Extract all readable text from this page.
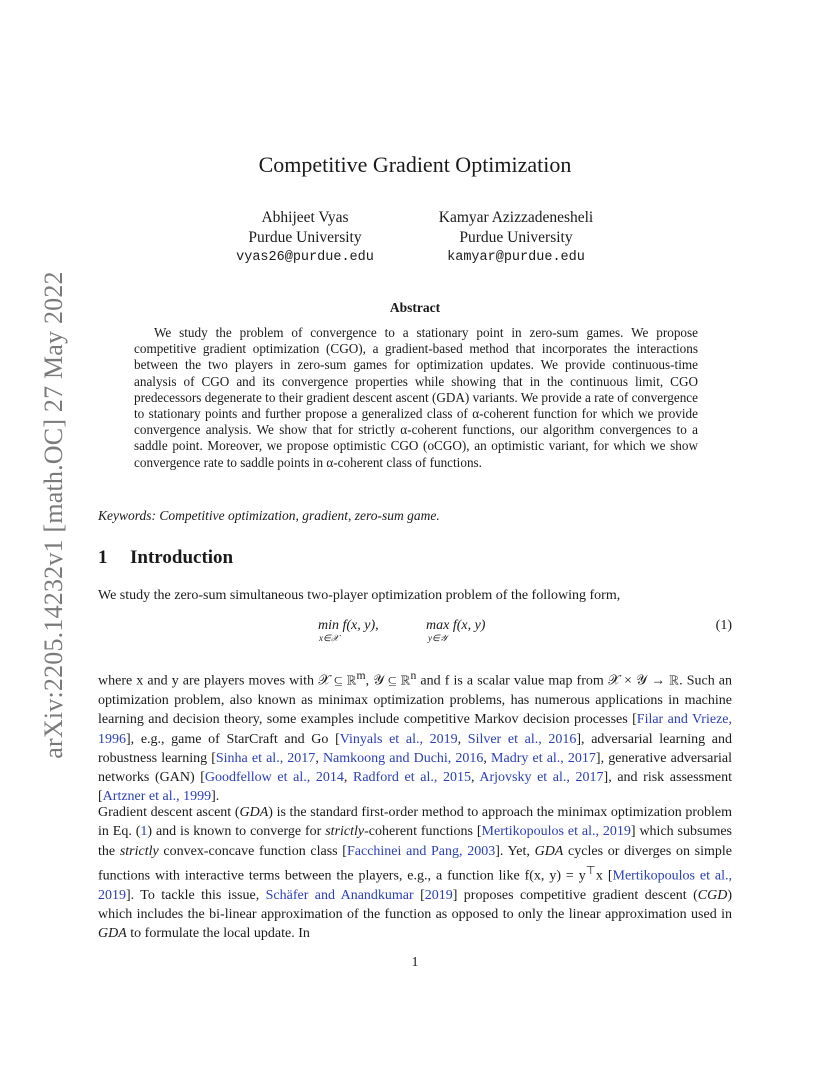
arXiv:2205.14232v1 [math.OC] 27 May 2022
Competitive Gradient Optimization
Abhijeet Vyas
Purdue University
vyas26@purdue.edu
Kamyar Azizzadenesheli
Purdue University
kamyar@purdue.edu
Abstract

We study the problem of convergence to a stationary point in zero-sum games. We propose competitive gradient optimization (CGO), a gradient-based method that incorporates the interactions between the two players in zero-sum games for optimization updates. We provide continuous-time analysis of CGO and its convergence properties while showing that in the continuous limit, CGO predecessors degenerate to their gradient descent ascent (GDA) variants. We provide a rate of convergence to stationary points and further propose a generalized class of α-coherent function for which we provide convergence analysis. We show that for strictly α-coherent functions, our algorithm convergences to a saddle point. Moreover, we propose optimistic CGO (oCGO), an optimistic variant, for which we show convergence rate to saddle points in α-coherent class of functions.

Keywords: Competitive optimization, gradient, zero-sum game.
1 Introduction

We study the zero-sum simultaneous two-player optimization problem of the following form,

min f(x, y),
x∈𝒳
max f(x, y)
y∈𝒴
(1)

where x and y are players moves with 𝒳 ⊆ ℝ$^m$, 𝒴 ⊆ ℝ$^n$ and f is a scalar value map from 𝒳 × 𝒴 → ℝ. Such an optimization problem, also known as minimax optimization problems, has numerous applications in machine learning and decision theory, some examples include competitive Markov decision processes [Filar and Vrieze, 1996], e.g., game of StarCraft and Go [Vinyals et al., 2019, Silver et al., 2016], adversarial learning and robustness learning [Sinha et al., 2017, Namkoong and Duchi, 2016, Madry et al., 2017], generative adversarial networks (GAN) [Goodfellow et al., 2014, Radford et al., 2015, Arjovsky et al., 2017], and risk assessment [Artzner et al., 1999].

Gradient descent ascent (GDA) is the standard first-order method to approach the minimax optimization problem in Eq. (1) and is known to converge for strictly-coherent functions [Mertikopoulos et al., 2019] which subsumes the strictly convex-concave function class [Facchinei and Pang, 2003]. Yet, GDA cycles or diverges on simple functions with interactive terms between the players, e.g., a function like f(x, y) = y⊤x [Mertikopoulos et al., 2019]. To tackle this issue, Schäfer and Anandkumar [2019] proposes competitive gradient descent (CGD) which includes the bi-linear approximation of the function as opposed to only the linear approximation used in GDA to formulate the local update. In

1
